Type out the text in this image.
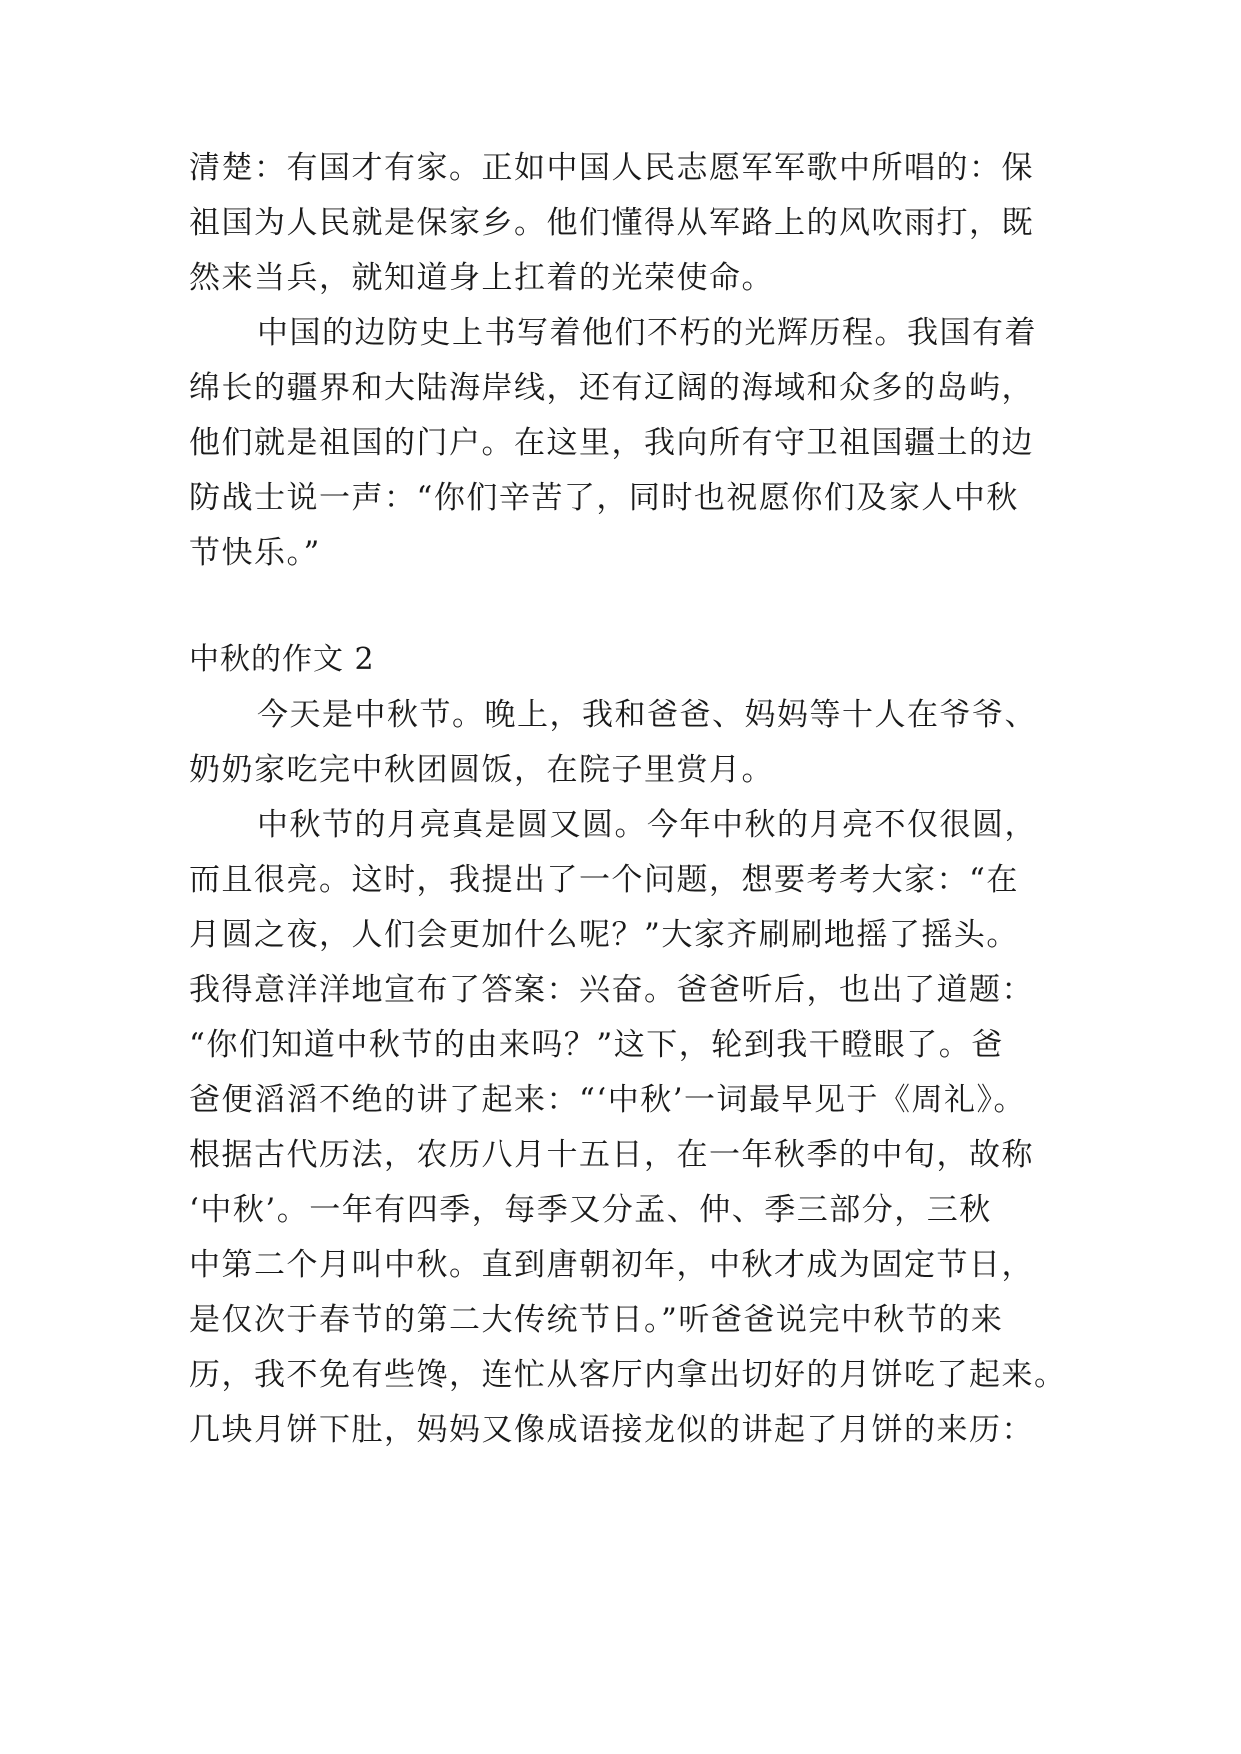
清楚：有国才有家。正如中国人民志愿军军歌中所唱的：保
祖国为人民就是保家乡。他们懂得从军路上的风吹雨打，既
然来当兵，就知道身上扛着的光荣使命。
中国的边防史上书写着他们不朽的光辉历程。我国有着
绵长的疆界和大陆海岸线，还有辽阔的海域和众多的岛屿，
他们就是祖国的门户。在这里，我向所有守卫祖国疆土的边
防战士说一声：“你们辛苦了，同时也祝愿你们及家人中秋
节快乐。”
中秋的作文 2
今天是中秋节。晚上，我和爸爸、妈妈等十人在爷爷、
奶奶家吃完中秋团圆饭，在院子里赏月。
中秋节的月亮真是圆又圆。今年中秋的月亮不仅很圆，
而且很亮。这时，我提出了一个问题，想要考考大家：“在
月圆之夜，人们会更加什么呢？”大家齐刷刷地摇了摇头。
我得意洋洋地宣布了答案：兴奋。爸爸听后，也出了道题：
“你们知道中秋节的由来吗？”这下，轮到我干瞪眼了。爸
爸便滔滔不绝的讲了起来：“‘中秋’一词最早见于《周礼》。
根据古代历法，农历八月十五日，在一年秋季的中旬，故称
‘中秋’。一年有四季，每季又分孟、仲、季三部分，三秋
中第二个月叫中秋。直到唐朝初年，中秋才成为固定节日，
是仅次于春节的第二大传统节日。”听爸爸说完中秋节的来
历，我不免有些馋，连忙从客厅内拿出切好的月饼吃了起来。
几块月饼下肚，妈妈又像成语接龙似的讲起了月饼的来历：
